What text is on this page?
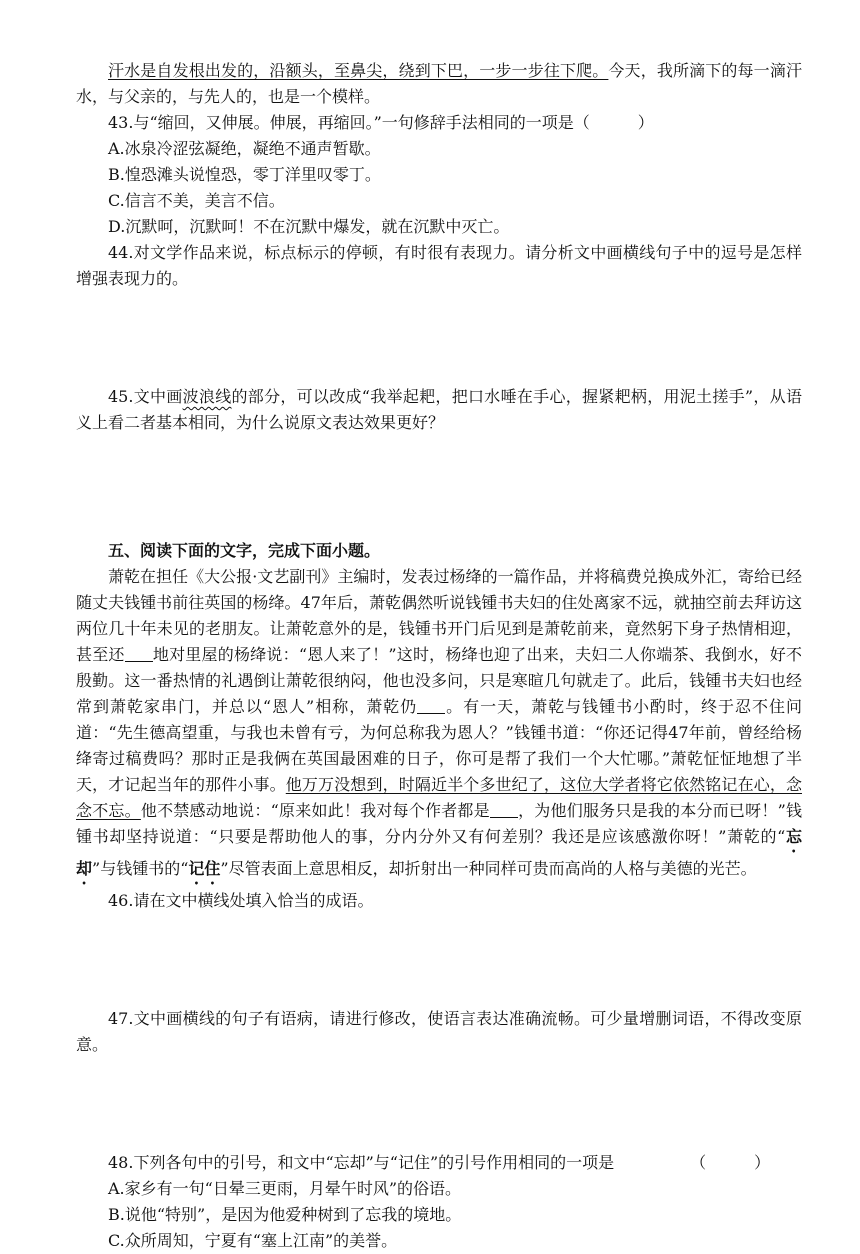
汗水是自发根出发的，沿额头，至鼻尖，绕到下巴，一步一步往下爬。今天，我所滴下的每一滴汗水，与父亲的，与先人的，也是一个模样。

43.与“缩回，又伸展。伸展，再缩回。”一句修辞手法相同的一项是（　　　）

A.冰泉冷涩弦凝绝，凝绝不通声暂歇。

B.惶恐滩头说惶恐，零丁洋里叹零丁。

C.信言不美，美言不信。

D.沉默呵，沉默呵！不在沉默中爆发，就在沉默中灭亡。

44.对文学作品来说，标点标示的停顿，有时很有表现力。请分析文中画横线句子中的逗号是怎样增强表现力的。

45.文中画波浪线的部分，可以改成“我举起耙，把口水唾在手心，握紧耙柄，用泥土搓手”，从语义上看二者基本相同，为什么说原文表达效果更好？

五、阅读下面的文字，完成下面小题。

萧乾在担任《大公报·文艺副刊》主编时，发表过杨绛的一篇作品，并将稿费兑换成外汇，寄给已经随丈夫钱锺书前往英国的杨绛。47年后，萧乾偶然听说钱锺书夫妇的住处离家不远，就抽空前去拜访这两位几十年未见的老朋友。让萧乾意外的是，钱锺书开门后见到是萧乾前来，竟然躬下身子热情相迎，甚至还 地对里屋的杨绛说：“恩人来了！”这时，杨绛也迎了出来，夫妇二人你端茶、我倒水，好不殷勤。这一番热情的礼遇倒让萧乾很纳闷，他也没多问，只是寒暄几句就走了。此后，钱锺书夫妇也经常到萧乾家串门，并总以“恩人”相称，萧乾仍 。有一天，萧乾与钱锺书小酌时，终于忍不住问道：“先生德高望重，与我也未曾有亏，为何总称我为恩人？”钱锺书道：“你还记得47年前，曾经给杨绛寄过稿费吗？那时正是我俩在英国最困难的日子，你可是帮了我们一个大忙哪。”萧乾怔怔地想了半天，才记起当年的那件小事。他万万没想到，时隔近半个多世纪了，这位大学者将它依然铭记在心，念念不忘。他不禁感动地说：“原来如此！我对每个作者都是 ，为他们服务只是我的本分而已呀！”钱锺书却坚持说道：“只要是帮助他人的事，分内分外又有何差别？我还是应该感激你呀！”萧乾的“忘却”与钱锺书的“记住”尽管表面上意思相反，却折射出一种同样可贵而高尚的人格与美德的光芒。

46.请在文中横线处填入恰当的成语。

47.文中画横线的句子有语病，请进行修改，使语言表达准确流畅。可少量增删词语，不得改变原意。

48.下列各句中的引号，和文中“忘却”与“记住”的引号作用相同的一项是	（　　　）

A.家乡有一句“日晕三更雨，月晕午时风”的俗语。

B.说他“特别”，是因为他爱种树到了忘我的境地。

C.众所周知，宁夏有“塞上江南”的美誉。
